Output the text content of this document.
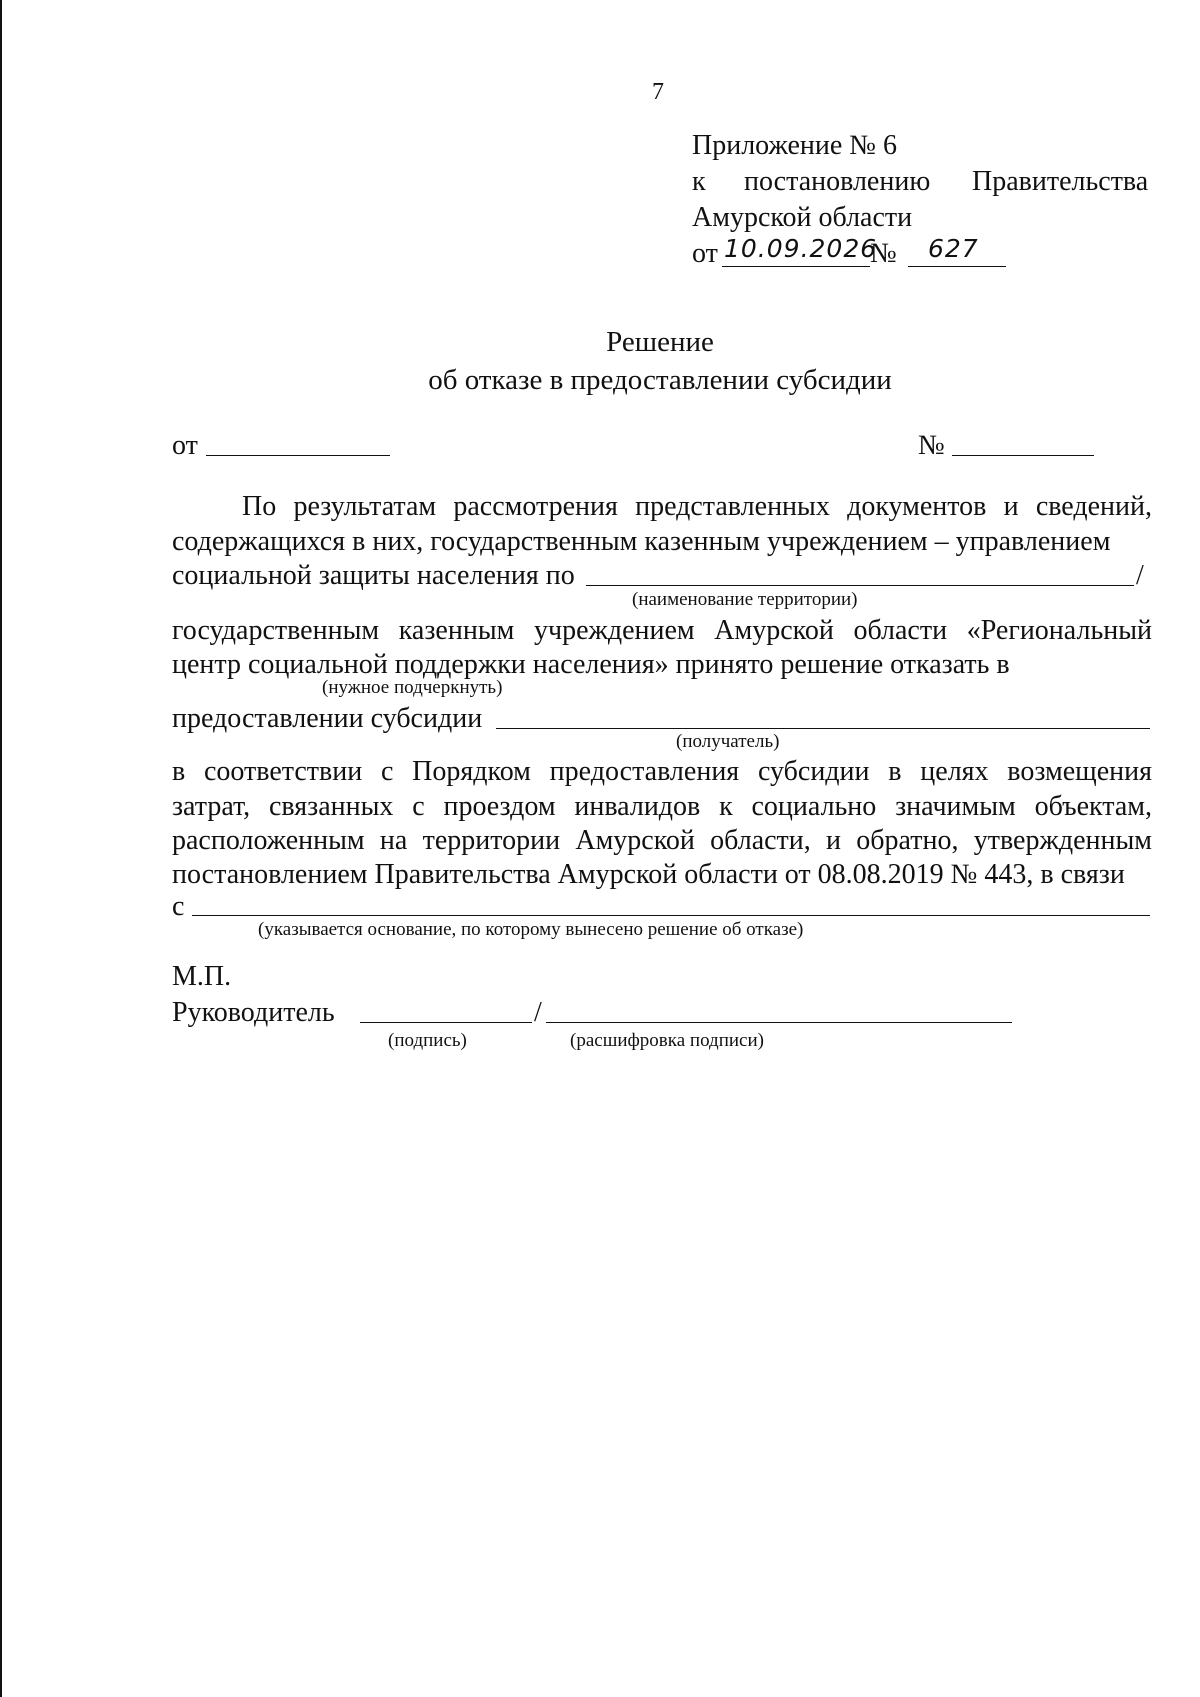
7
Приложение № 6
к постановлению Правительства
Амурской области
от 10.09.2026
№ 627
Решение
об отказе в предоставлении субсидии
от	№
По результатам рассмотрения представленных документов и сведений,
содержащихся в них, государственным казенным учреждением – управлением
социальной защиты населения по	/
(наименование территории)
государственным казенным учреждением Амурской области «Региональный
центр социальной поддержки населения» принято решение отказать в
(нужное подчеркнуть)
предоставлении субсидии
(получатель)
в соответствии с Порядком предоставления субсидии в целях возмещения
затрат, связанных с проездом инвалидов к социально значимым объектам,
расположенным на территории Амурской области, и обратно, утвержденным
постановлением Правительства Амурской области от 08.08.2019 № 443, в связи
с
(указывается основание, по которому вынесено решение об отказе)
М.П.
Руководитель	/
(подпись)	(расшифровка подписи)
